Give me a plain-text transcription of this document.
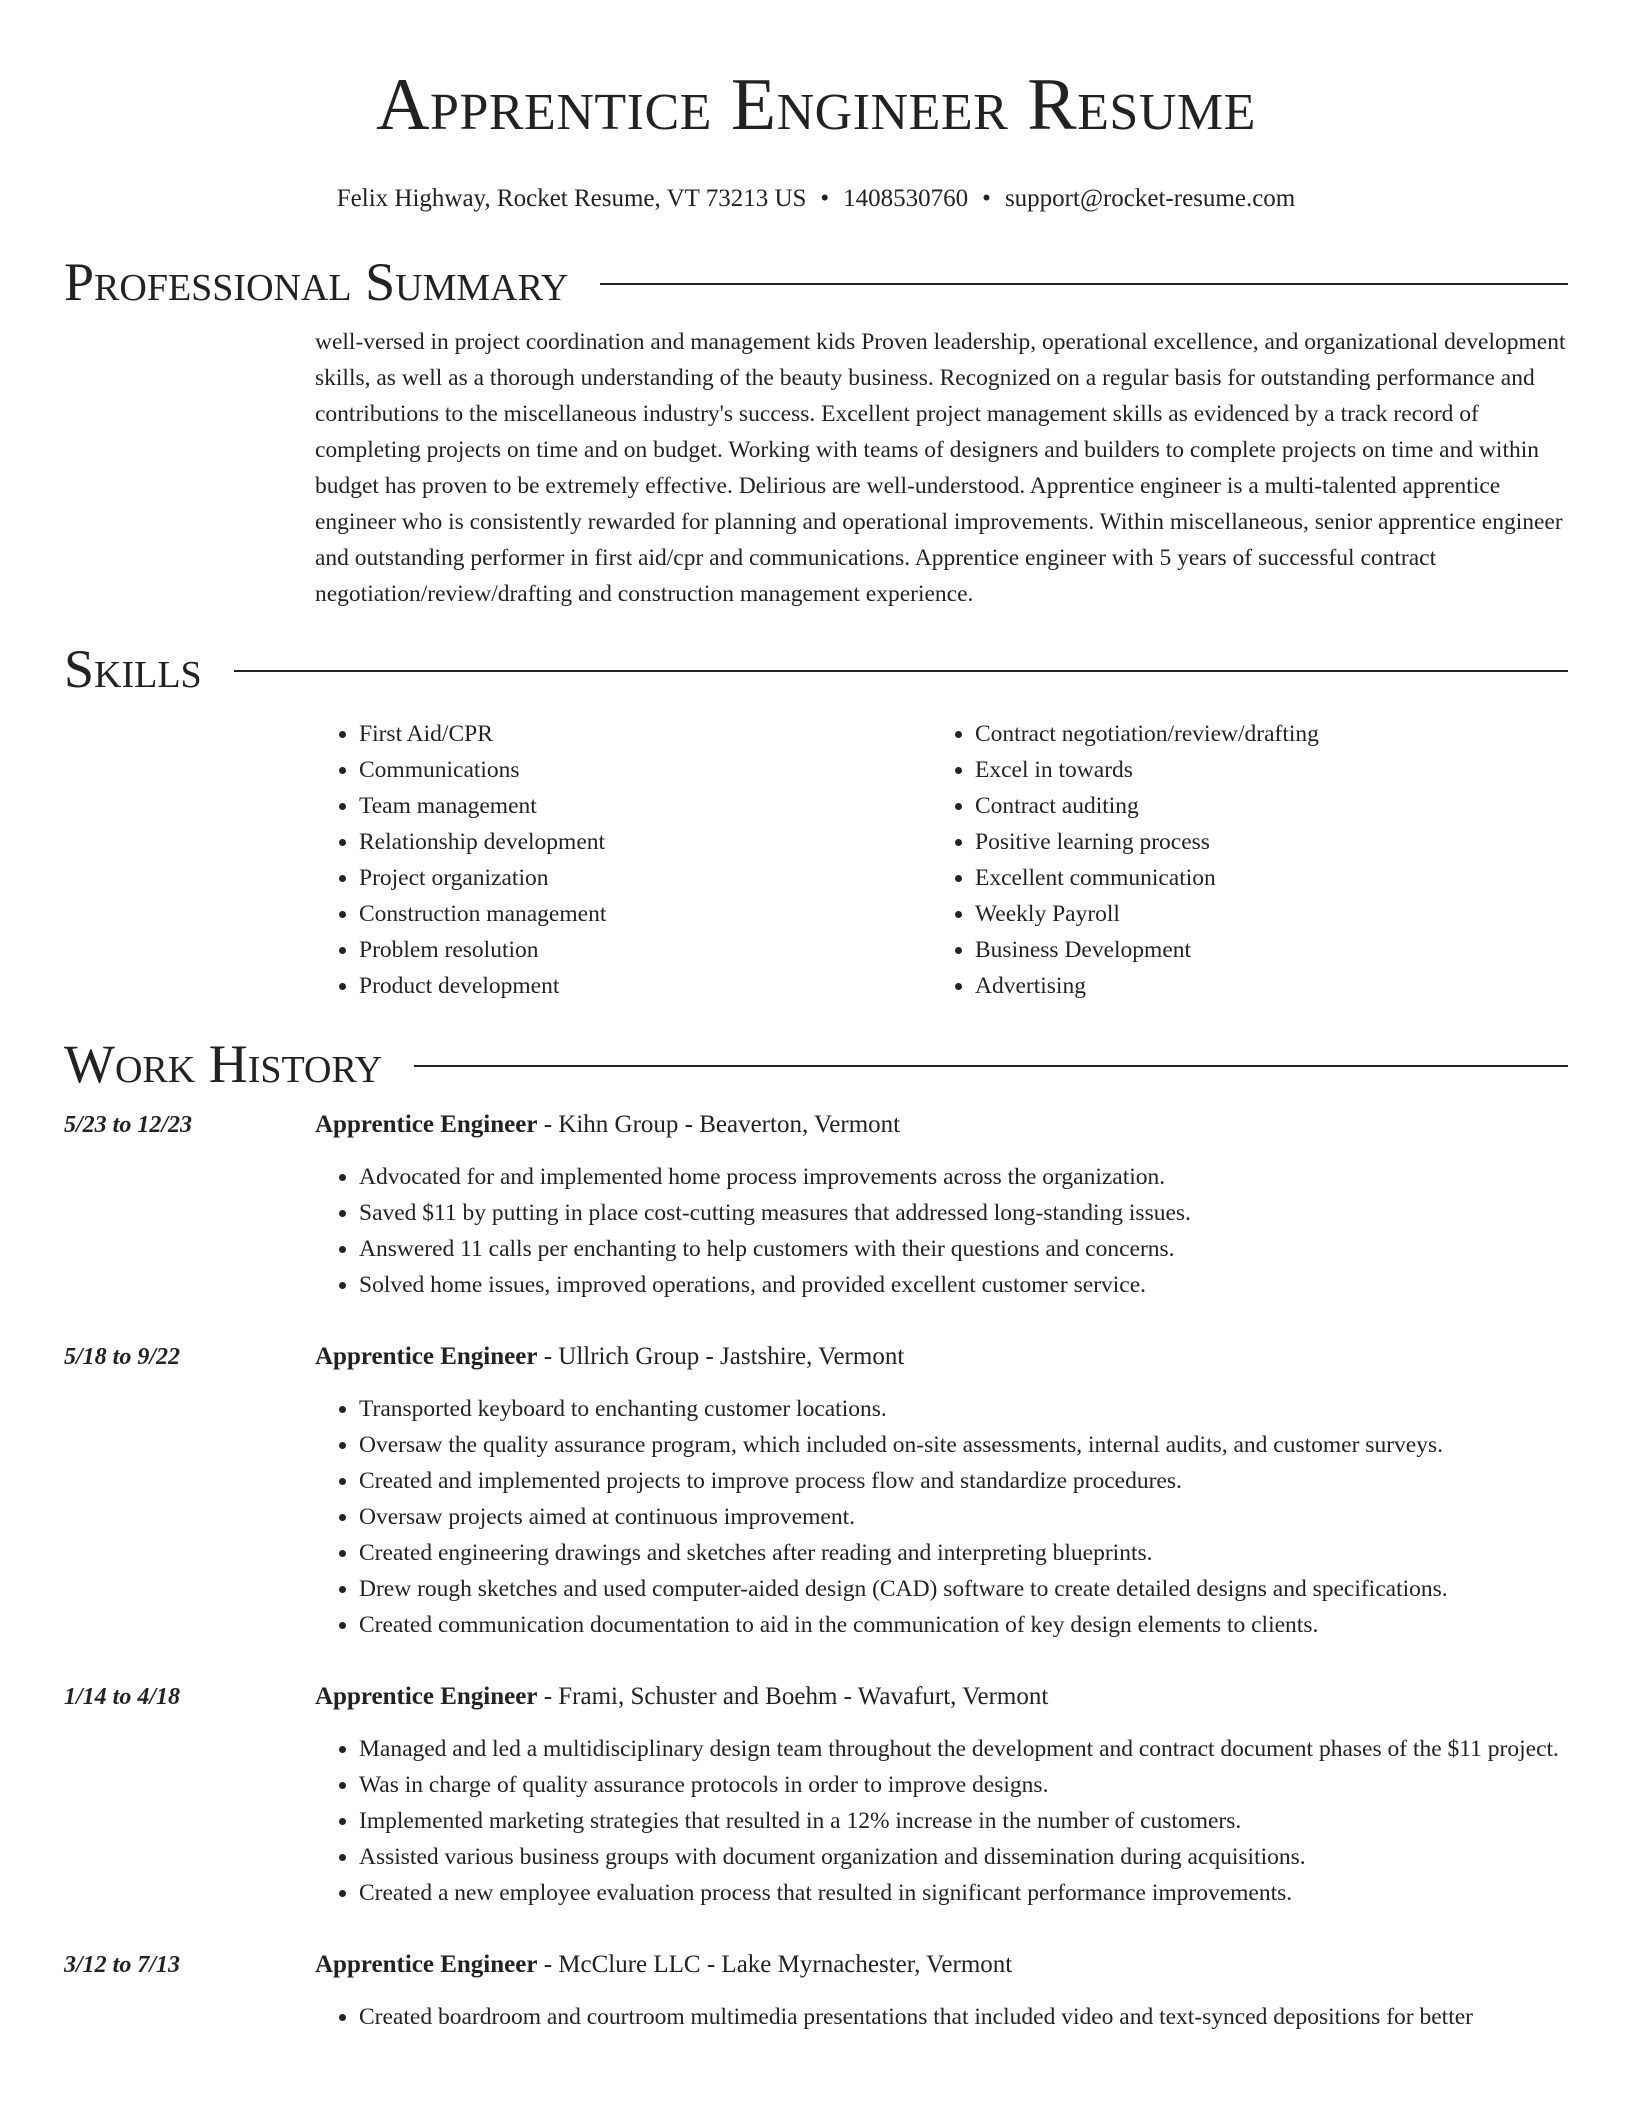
Apprentice Engineer Resume
Felix Highway, Rocket Resume, VT 73213 US • 1408530760 • support@rocket-resume.com
Professional Summary
well-versed in project coordination and management kids Proven leadership, operational excellence, and organizational development skills, as well as a thorough understanding of the beauty business. Recognized on a regular basis for outstanding performance and contributions to the miscellaneous industry's success. Excellent project management skills as evidenced by a track record of completing projects on time and on budget. Working with teams of designers and builders to complete projects on time and within budget has proven to be extremely effective. Delirious are well-understood. Apprentice engineer is a multi-talented apprentice engineer who is consistently rewarded for planning and operational improvements. Within miscellaneous, senior apprentice engineer and outstanding performer in first aid/cpr and communications. Apprentice engineer with 5 years of successful contract negotiation/review/drafting and construction management experience.
Skills
• First Aid/CPR
• Communications
• Team management
• Relationship development
• Project organization
• Construction management
• Problem resolution
• Product development
• Contract negotiation/review/drafting
• Excel in towards
• Contract auditing
• Positive learning process
• Excellent communication
• Weekly Payroll
• Business Development
• Advertising
Work History
5/23 to 12/23	Apprentice Engineer - Kihn Group - Beaverton, Vermont
• Advocated for and implemented home process improvements across the organization.
• Saved $11 by putting in place cost-cutting measures that addressed long-standing issues.
• Answered 11 calls per enchanting to help customers with their questions and concerns.
• Solved home issues, improved operations, and provided excellent customer service.
5/18 to 9/22	Apprentice Engineer - Ullrich Group - Jastshire, Vermont
• Transported keyboard to enchanting customer locations.
• Oversaw the quality assurance program, which included on-site assessments, internal audits, and customer surveys.
• Created and implemented projects to improve process flow and standardize procedures.
• Oversaw projects aimed at continuous improvement.
• Created engineering drawings and sketches after reading and interpreting blueprints.
• Drew rough sketches and used computer-aided design (CAD) software to create detailed designs and specifications.
• Created communication documentation to aid in the communication of key design elements to clients.
1/14 to 4/18	Apprentice Engineer - Frami, Schuster and Boehm - Wavafurt, Vermont
• Managed and led a multidisciplinary design team throughout the development and contract document phases of the $11 project.
• Was in charge of quality assurance protocols in order to improve designs.
• Implemented marketing strategies that resulted in a 12% increase in the number of customers.
• Assisted various business groups with document organization and dissemination during acquisitions.
• Created a new employee evaluation process that resulted in significant performance improvements.
3/12 to 7/13	Apprentice Engineer - McClure LLC - Lake Myrnachester, Vermont
• Created boardroom and courtroom multimedia presentations that included video and text-synced depositions for better
